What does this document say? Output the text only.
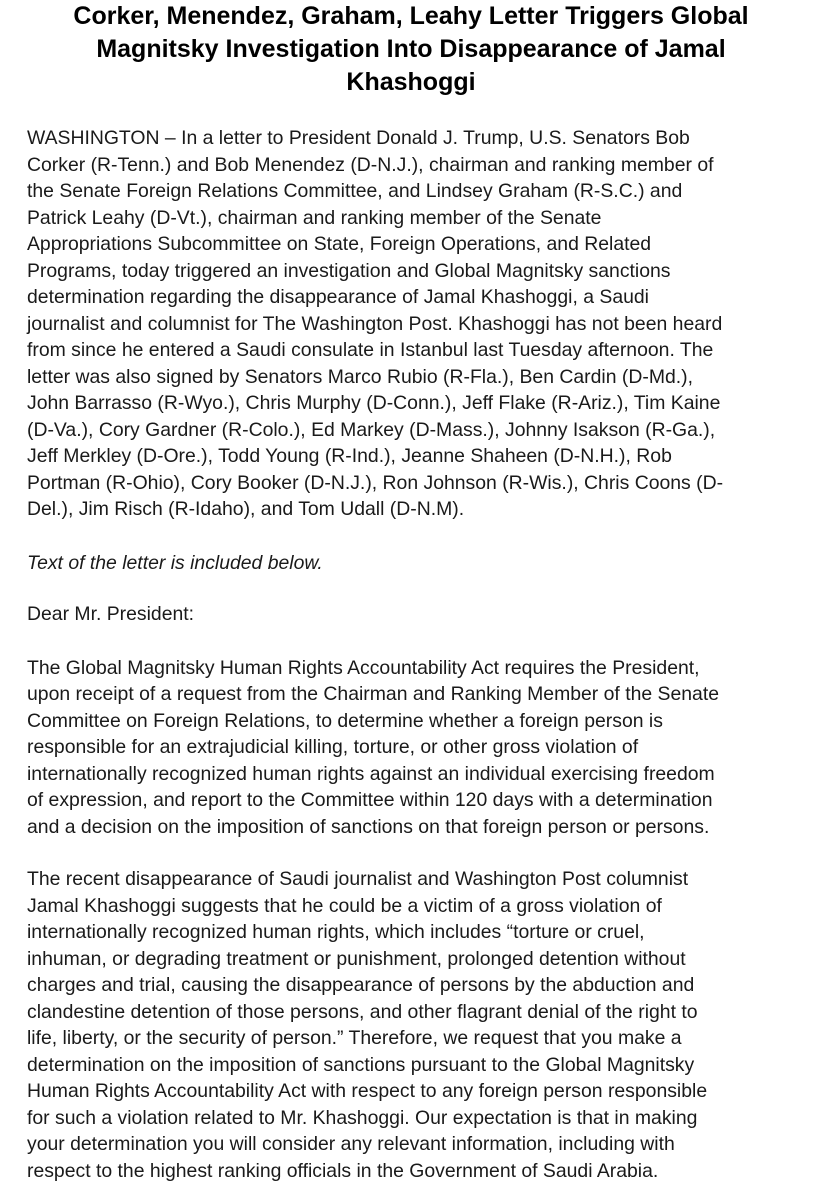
Corker, Menendez, Graham, Leahy Letter Triggers Global
Magnitsky Investigation Into Disappearance of Jamal
Khashoggi

WASHINGTON – In a letter to President Donald J. Trump, U.S. Senators Bob
Corker (R-Tenn.) and Bob Menendez (D-N.J.), chairman and ranking member of
the Senate Foreign Relations Committee, and Lindsey Graham (R-S.C.) and
Patrick Leahy (D-Vt.), chairman and ranking member of the Senate
Appropriations Subcommittee on State, Foreign Operations, and Related
Programs, today triggered an investigation and Global Magnitsky sanctions
determination regarding the disappearance of Jamal Khashoggi, a Saudi
journalist and columnist for The Washington Post. Khashoggi has not been heard
from since he entered a Saudi consulate in Istanbul last Tuesday afternoon. The
letter was also signed by Senators Marco Rubio (R-Fla.), Ben Cardin (D-Md.),
John Barrasso (R-Wyo.), Chris Murphy (D-Conn.), Jeff Flake (R-Ariz.), Tim Kaine
(D-Va.), Cory Gardner (R-Colo.), Ed Markey (D-Mass.), Johnny Isakson (R-Ga.),
Jeff Merkley (D-Ore.), Todd Young (R-Ind.), Jeanne Shaheen (D-N.H.), Rob
Portman (R-Ohio), Cory Booker (D-N.J.), Ron Johnson (R-Wis.), Chris Coons (D-
Del.), Jim Risch (R-Idaho), and Tom Udall (D-N.M).

Text of the letter is included below.

Dear Mr. President:

The Global Magnitsky Human Rights Accountability Act requires the President,
upon receipt of a request from the Chairman and Ranking Member of the Senate
Committee on Foreign Relations, to determine whether a foreign person is
responsible for an extrajudicial killing, torture, or other gross violation of
internationally recognized human rights against an individual exercising freedom
of expression, and report to the Committee within 120 days with a determination
and a decision on the imposition of sanctions on that foreign person or persons.

The recent disappearance of Saudi journalist and Washington Post columnist
Jamal Khashoggi suggests that he could be a victim of a gross violation of
internationally recognized human rights, which includes “torture or cruel,
inhuman, or degrading treatment or punishment, prolonged detention without
charges and trial, causing the disappearance of persons by the abduction and
clandestine detention of those persons, and other flagrant denial of the right to
life, liberty, or the security of person.” Therefore, we request that you make a
determination on the imposition of sanctions pursuant to the Global Magnitsky
Human Rights Accountability Act with respect to any foreign person responsible
for such a violation related to Mr. Khashoggi. Our expectation is that in making
your determination you will consider any relevant information, including with
respect to the highest ranking officials in the Government of Saudi Arabia.
